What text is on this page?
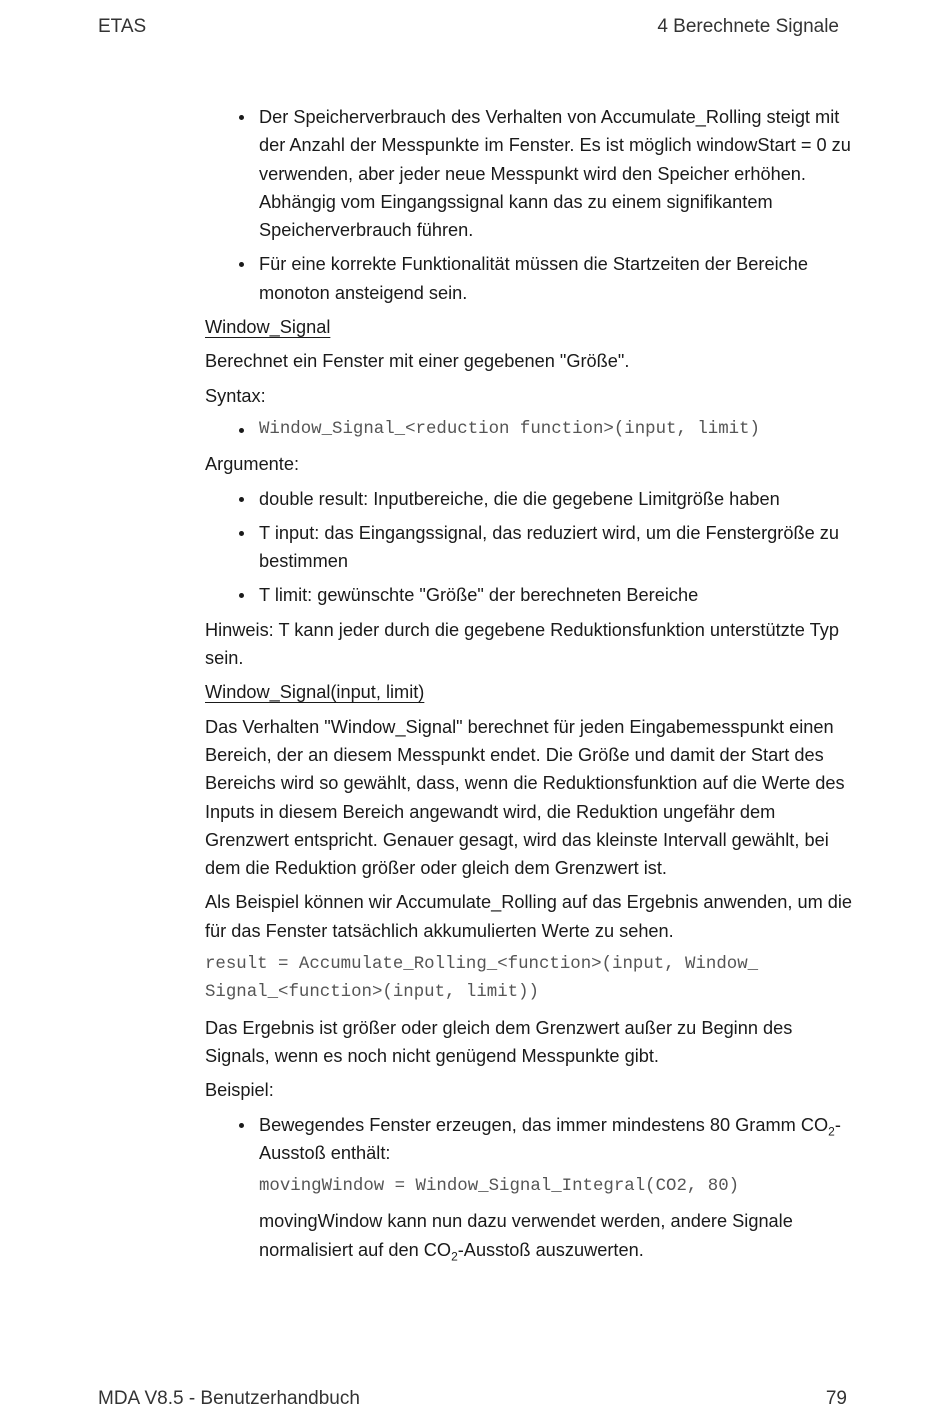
ETAS	4 Berechnete Signale
Der Speicherverbrauch des Verhalten von Accumulate_Rolling steigt mit der Anzahl der Messpunkte im Fenster. Es ist möglich windowStart = 0 zu verwenden, aber jeder neue Messpunkt wird den Speicher erhöhen. Abhängig vom Eingangssignal kann das zu einem signifikantem Speicherverbrauch führen.
Für eine korrekte Funktionalität müssen die Startzeiten der Bereiche monoton ansteigend sein.

Window_Signal

Berechnet ein Fenster mit einer gegebenen "Größe".

Syntax:

Window_Signal_<reduction function>(input, limit)

Argumente:

double result: Inputbereiche, die die gegebene Limitgröße haben
T input: das Eingangssignal, das reduziert wird, um die Fenstergröße zu bestimmen
T limit: gewünschte "Größe" der berechneten Bereiche

Hinweis: T kann jeder durch die gegebene Reduktionsfunktion unterstützte Typ sein.

Window_Signal(input, limit)

Das Verhalten "Window_Signal" berechnet für jeden Eingabemesspunkt einen Bereich, der an diesem Messpunkt endet. Die Größe und damit der Start des Bereichs wird so gewählt, dass, wenn die Reduktionsfunktion auf die Werte des Inputs in diesem Bereich angewandt wird, die Reduktion ungefähr dem Grenzwert entspricht. Genauer gesagt, wird das kleinste Intervall gewählt, bei dem die Reduktion größer oder gleich dem Grenzwert ist.

Als Beispiel können wir Accumulate_Rolling auf das Ergebnis anwenden, um die für das Fenster tatsächlich akkumulierten Werte zu sehen.

result = Accumulate_Rolling_<function>(input, Window_
Signal_<function>(input, limit))

Das Ergebnis ist größer oder gleich dem Grenzwert außer zu Beginn des Signals, wenn es noch nicht genügend Messpunkte gibt.

Beispiel:

Bewegendes Fenster erzeugen, das immer mindestens 80 Gramm $CO_2$-Ausstoß enthält:

movingWindow = Window_Signal_Integral(CO2, 80)

movingWindow kann nun dazu verwendet werden, andere Signale normalisiert auf den $CO_2$-Ausstoß auszuwerten.

MDA V8.5 - Benutzerhandbuch	79
